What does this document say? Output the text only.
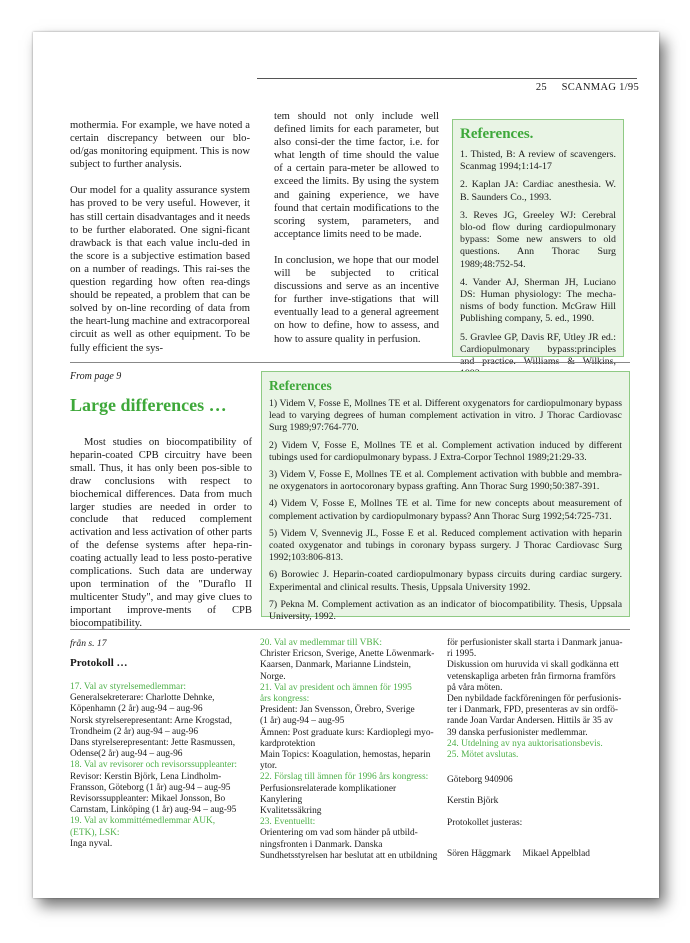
25 SCANMAG 1/95

mothermia. For example, we have noted a certain discrepancy between our blo-od/gas monitoring equipment. This is now subject to further analysis.

Our model for a quality assurance system has proved to be very useful. However, it has still certain disadvantages and it needs to be further elaborated. One signi-ficant drawback is that each value inclu-ded in the score is a subjective estimation based on a number of readings. This rai-ses the question regarding how often rea-dings should be repeated, a problem that can be solved by on-line recording of data from the heart-lung machine and extracorporeal circuit as well as other equipment. To be fully efficient the sys-

tem should not only include well defined limits for each parameter, but also consi-der the time factor, i.e. for what length of time should the value of a certain para-meter be allowed to exceed the limits. By using the system and gaining experience, we have found that certain modifications to the scoring system, parameters, and acceptance limits need to be made.

In conclusion, we hope that our model will be subjected to critical discussions and serve as an incentive for further inve-stigations that will eventually lead to a general agreement on how to define, how to assess, and how to assure quality in perfusion.

References.

1. Thisted, B: A review of scavengers. Scanmag 1994;1:14-17

2. Kaplan JA: Cardiac anesthesia. W. B. Saunders Co., 1993.

3. Reves JG, Greeley WJ: Cerebral blo-od flow during cardiopulmonary bypass: Some new answers to old questions. Ann Thorac Surg 1989;48:752-54.

4. Vander AJ, Sherman JH, Luciano DS: Human physiology: The mecha-nisms of body function. McGraw Hill Publishing company, 5. ed., 1990.

5. Gravlee GP, Davis RF, Utley JR ed.: Cardiopulmonary bypass:principles

From page 9
Large differences …

Most studies on biocompatibility of heparin-coated CPB circuitry have been small. Thus, it has only been pos-sible to draw conclusions with respect to biochemical differences. Data from much larger studies are needed in order to conclude that reduced complement activation and less activation of other parts of the defense systems after hepa-rin-coating actually lead to less posto-perative complications. Such data are underway upon termination of the "Duraflo II multicenter Study", and may give clues to important improve-ments of CPB biocompatibility.

References

1) Videm V, Fosse E, Mollnes TE et al. Different oxygenators for cardiopulmonary bypass lead to varying degrees of human complement activation in vitro. J Thorac Cardiovasc Surg 1989;97:764-770.

2) Videm V, Fosse E, Mollnes TE et al. Complement activation induced by different tubings used for cardiopulmonary bypass. J Extra-Corpor Technol 1989;21:29-33.

3) Videm V, Fosse E, Mollnes TE et al. Complement activation with bubble and membra-ne oxygenators in aortocoronary bypass grafting. Ann Thorac Surg 1990;50:387-391.

4) Videm V, Fosse E, Mollnes TE et al. Time for new concepts about measurement of complement activation by cardiopulmonary bypass? Ann Thorac Surg 1992;54:725-731.

5) Videm V, Svennevig JL, Fosse E et al. Reduced complement activation with heparin coated oxygenator and tubings in coronary bypass surgery. J Thorac Cardiovasc Surg 1992;103:806-813.

6) Borowiec J. Heparin-coated cardiopulmonary bypass circuits during cardiac surgery. Experimental and clinical results. Thesis, Uppsala University 1992.

7) Pekna M. Complement activation as an indicator of biocompatibility. Thesis, Uppsala University, 1992.

från s. 17
Protokoll …
17. Val av styrelsemedlemmar:
Generalsekreterare: Charlotte Dehnke,
Köpenhamn (2 år) aug-94 – aug-96
Norsk styrelserepresentant: Arne Krogstad,
Trondheim (2 år) aug-94 – aug-96
Dans styrelserepresentant: Jette Rasmussen,
Odense(2 år) aug-94 – aug-96
18. Val av revisorer och revisorssuppleanter:
Revisor: Kerstin Björk, Lena Lindholm-
Fransson, Göteborg (1 år) aug-94 – aug-95
Revisorssuppleanter: Mikael Jonsson, Bo
Carnstam, Linköping (1 år) aug-94 – aug-95
19. Val av kommittémedlemmar AUK,
(ETK), LSK:
Inga nyval.
20. Val av medlemmar till VBK:
Christer Ericson, Sverige, Anette Löwenmark-
Kaarsen, Danmark, Marianne Lindstein,
Norge.
21. Val av president och ämnen för 1995
års kongress:
President: Jan Svensson, Örebro, Sverige
(1 år) aug-94 – aug-95
Ämnen: Post graduate kurs: Kardioplegi myo-
kardprotektion
Main Topics: Koagulation, hemostas, heparin
ytor.
22. Förslag till ämnen för 1996 års kongress:
Perfusionsrelaterade komplikationer
Kanylering
Kvalitetssäkring
23. Eventuellt:
Orientering om vad som händer på utbild-
ningsfronten i Danmark. Danska
Sundhetsstyrelsen har beslutat att en utbildning
för perfusionister skall starta i Danmark janua-
ri 1995.
Diskussion om huruvida vi skall godkänna ett
vetenskapliga arbeten från firmorna framförs
på våra möten.
Den nybildade fackföreningen för perfusionis-
ter i Danmark, FPD, presenteras av sin ordfö-
rande Joan Vardar Andersen. Hittils är 35 av
39 danska perfusionister medlemmar.
24. Utdelning av nya auktorisationsbevis.
25. Mötet avslutas.
Göteborg 940906
Kerstin Björk
Protokollet justeras:
Sören Häggmark     Mikael Appelblad
